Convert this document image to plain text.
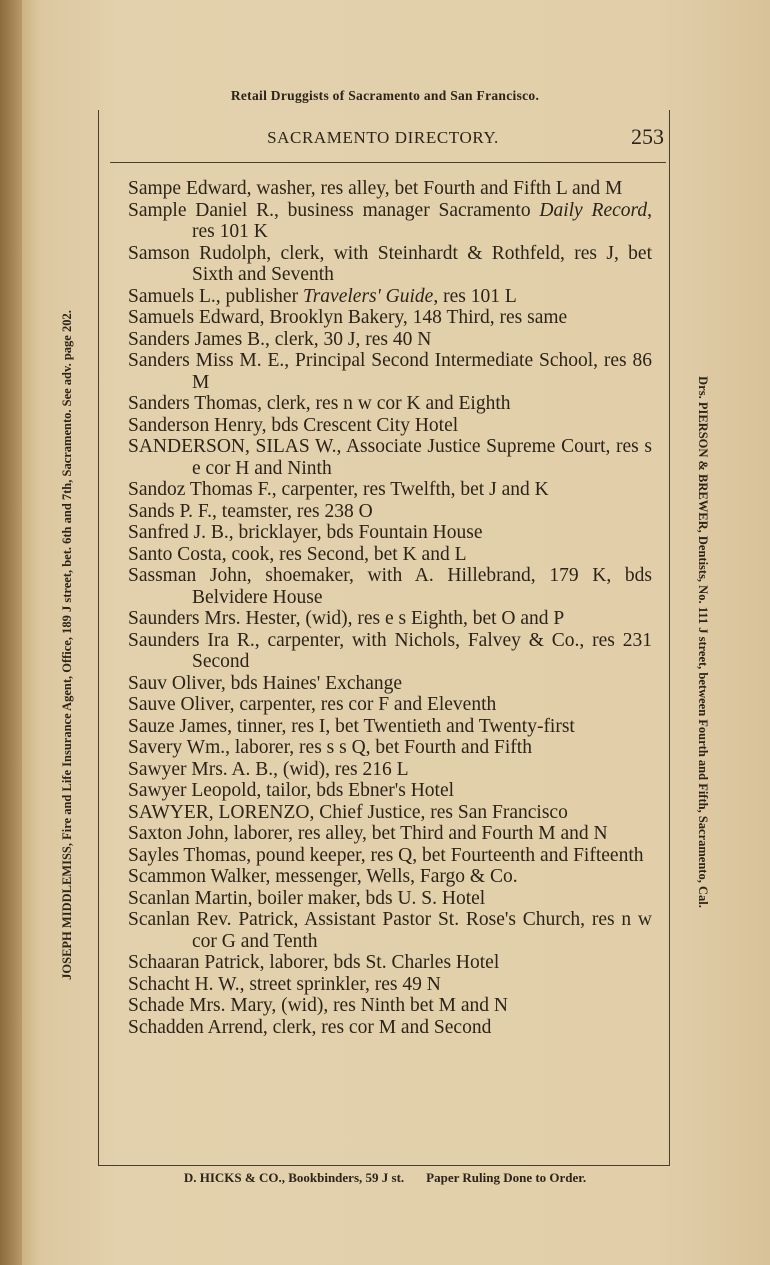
Retail Druggists of Sacramento and San Francisco.
SACRAMENTO DIRECTORY.	253

Sampe Edward, washer, res alley, bet Fourth and Fifth L and M

Sample Daniel R., business manager Sacramento Daily Record, res 101 K

Samson Rudolph, clerk, with Steinhardt & Rothfeld, res J, bet Sixth and Seventh

Samuels L., publisher Travelers' Guide, res 101 L

Samuels Edward, Brooklyn Bakery, 148 Third, res same

Sanders James B., clerk, 30 J, res 40 N

Sanders Miss M. E., Principal Second Intermediate School, res 86 M

Sanders Thomas, clerk, res n w cor K and Eighth

Sanderson Henry, bds Crescent City Hotel

SANDERSON, SILAS W., Associate Justice Supreme Court, res s e cor H and Ninth

Sandoz Thomas F., carpenter, res Twelfth, bet J and K

Sands P. F., teamster, res 238 O

Sanfred J. B., bricklayer, bds Fountain House

Santo Costa, cook, res Second, bet K and L

Sassman John, shoemaker, with A. Hillebrand, 179 K, bds Belvidere House

Saunders Mrs. Hester, (wid), res e s Eighth, bet O and P

Saunders Ira R., carpenter, with Nichols, Falvey & Co., res 231 Second

Sauv Oliver, bds Haines' Exchange

Sauve Oliver, carpenter, res cor F and Eleventh

Sauze James, tinner, res I, bet Twentieth and Twenty-first

Savery Wm., laborer, res s s Q, bet Fourth and Fifth

Sawyer Mrs. A. B., (wid), res 216 L

Sawyer Leopold, tailor, bds Ebner's Hotel

SAWYER, LORENZO, Chief Justice, res San Francisco

Saxton John, laborer, res alley, bet Third and Fourth M and N

Sayles Thomas, pound keeper, res Q, bet Fourteenth and Fifteenth

Scammon Walker, messenger, Wells, Fargo & Co.

Scanlan Martin, boiler maker, bds U. S. Hotel

Scanlan Rev. Patrick, Assistant Pastor St. Rose's Church, res n w cor G and Tenth

Schaaran Patrick, laborer, bds St. Charles Hotel

Schacht H. W., street sprinkler, res 49 N

Schade Mrs. Mary, (wid), res Ninth bet M and N

Schadden Arrend, clerk, res cor M and Second

JOSEPH MIDDLEMISS, Fire and Life Insurance Agent, Office, 189 J street, bet. 6th and 7th, Sacramento. See adv. page 202.	Drs. PIERSON & BREWER, Dentists, No. 111 J street, between Fourth and Fifth, Sacramento, Cal.
D. HICKS & CO., Bookbinders, 59 J st. Paper Ruling Done to Order.
